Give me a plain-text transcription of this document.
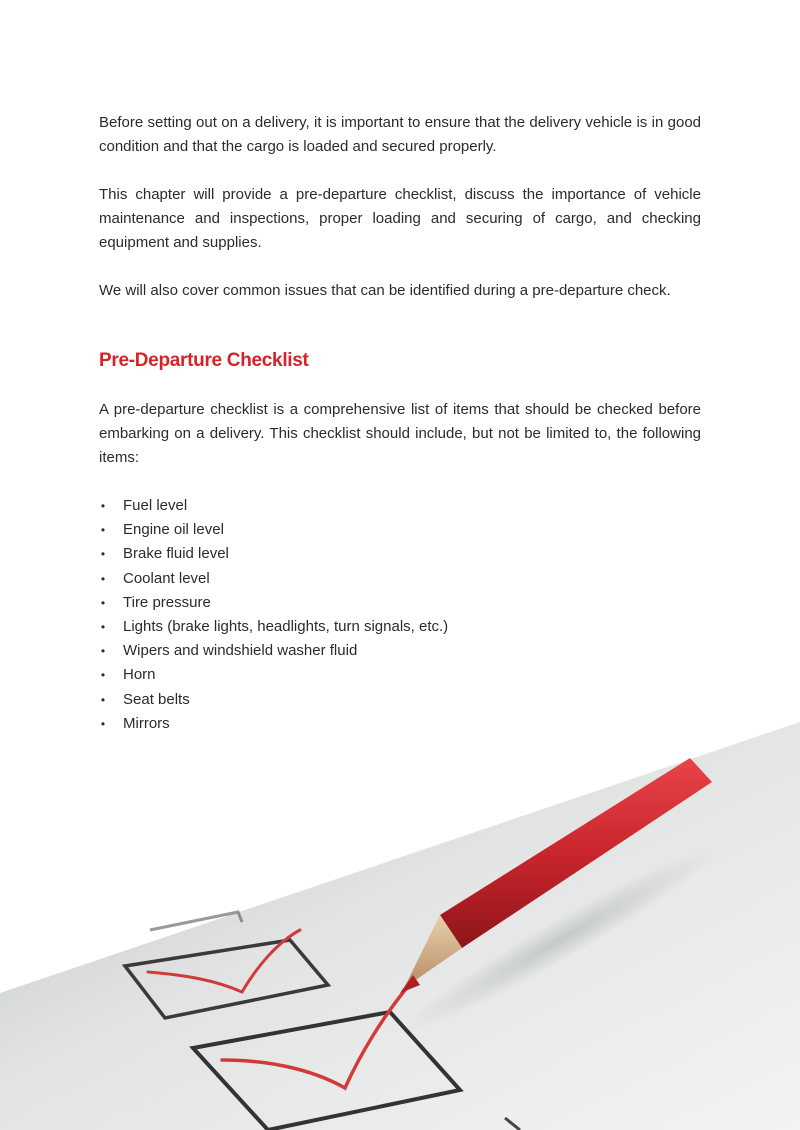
Before setting out on a delivery, it is important to ensure that the delivery vehicle is in good condition and that the cargo is loaded and secured properly.

This chapter will provide a pre-departure checklist, discuss the importance of vehicle maintenance and inspections, proper loading and securing of cargo, and checking equipment and supplies.

We will also cover common issues that can be identified during a pre-departure check.

Pre-Departure Checklist

A pre-departure checklist is a comprehensive list of items that should be checked before embarking on a delivery. This checklist should include, but not be limited to, the following items:

• Fuel level
• Engine oil level
• Brake fluid level
• Coolant level
• Tire pressure
• Lights (brake lights, headlights, turn signals, etc.)
• Wipers and windshield washer fluid
• Horn
• Seat belts
• Mirrors
